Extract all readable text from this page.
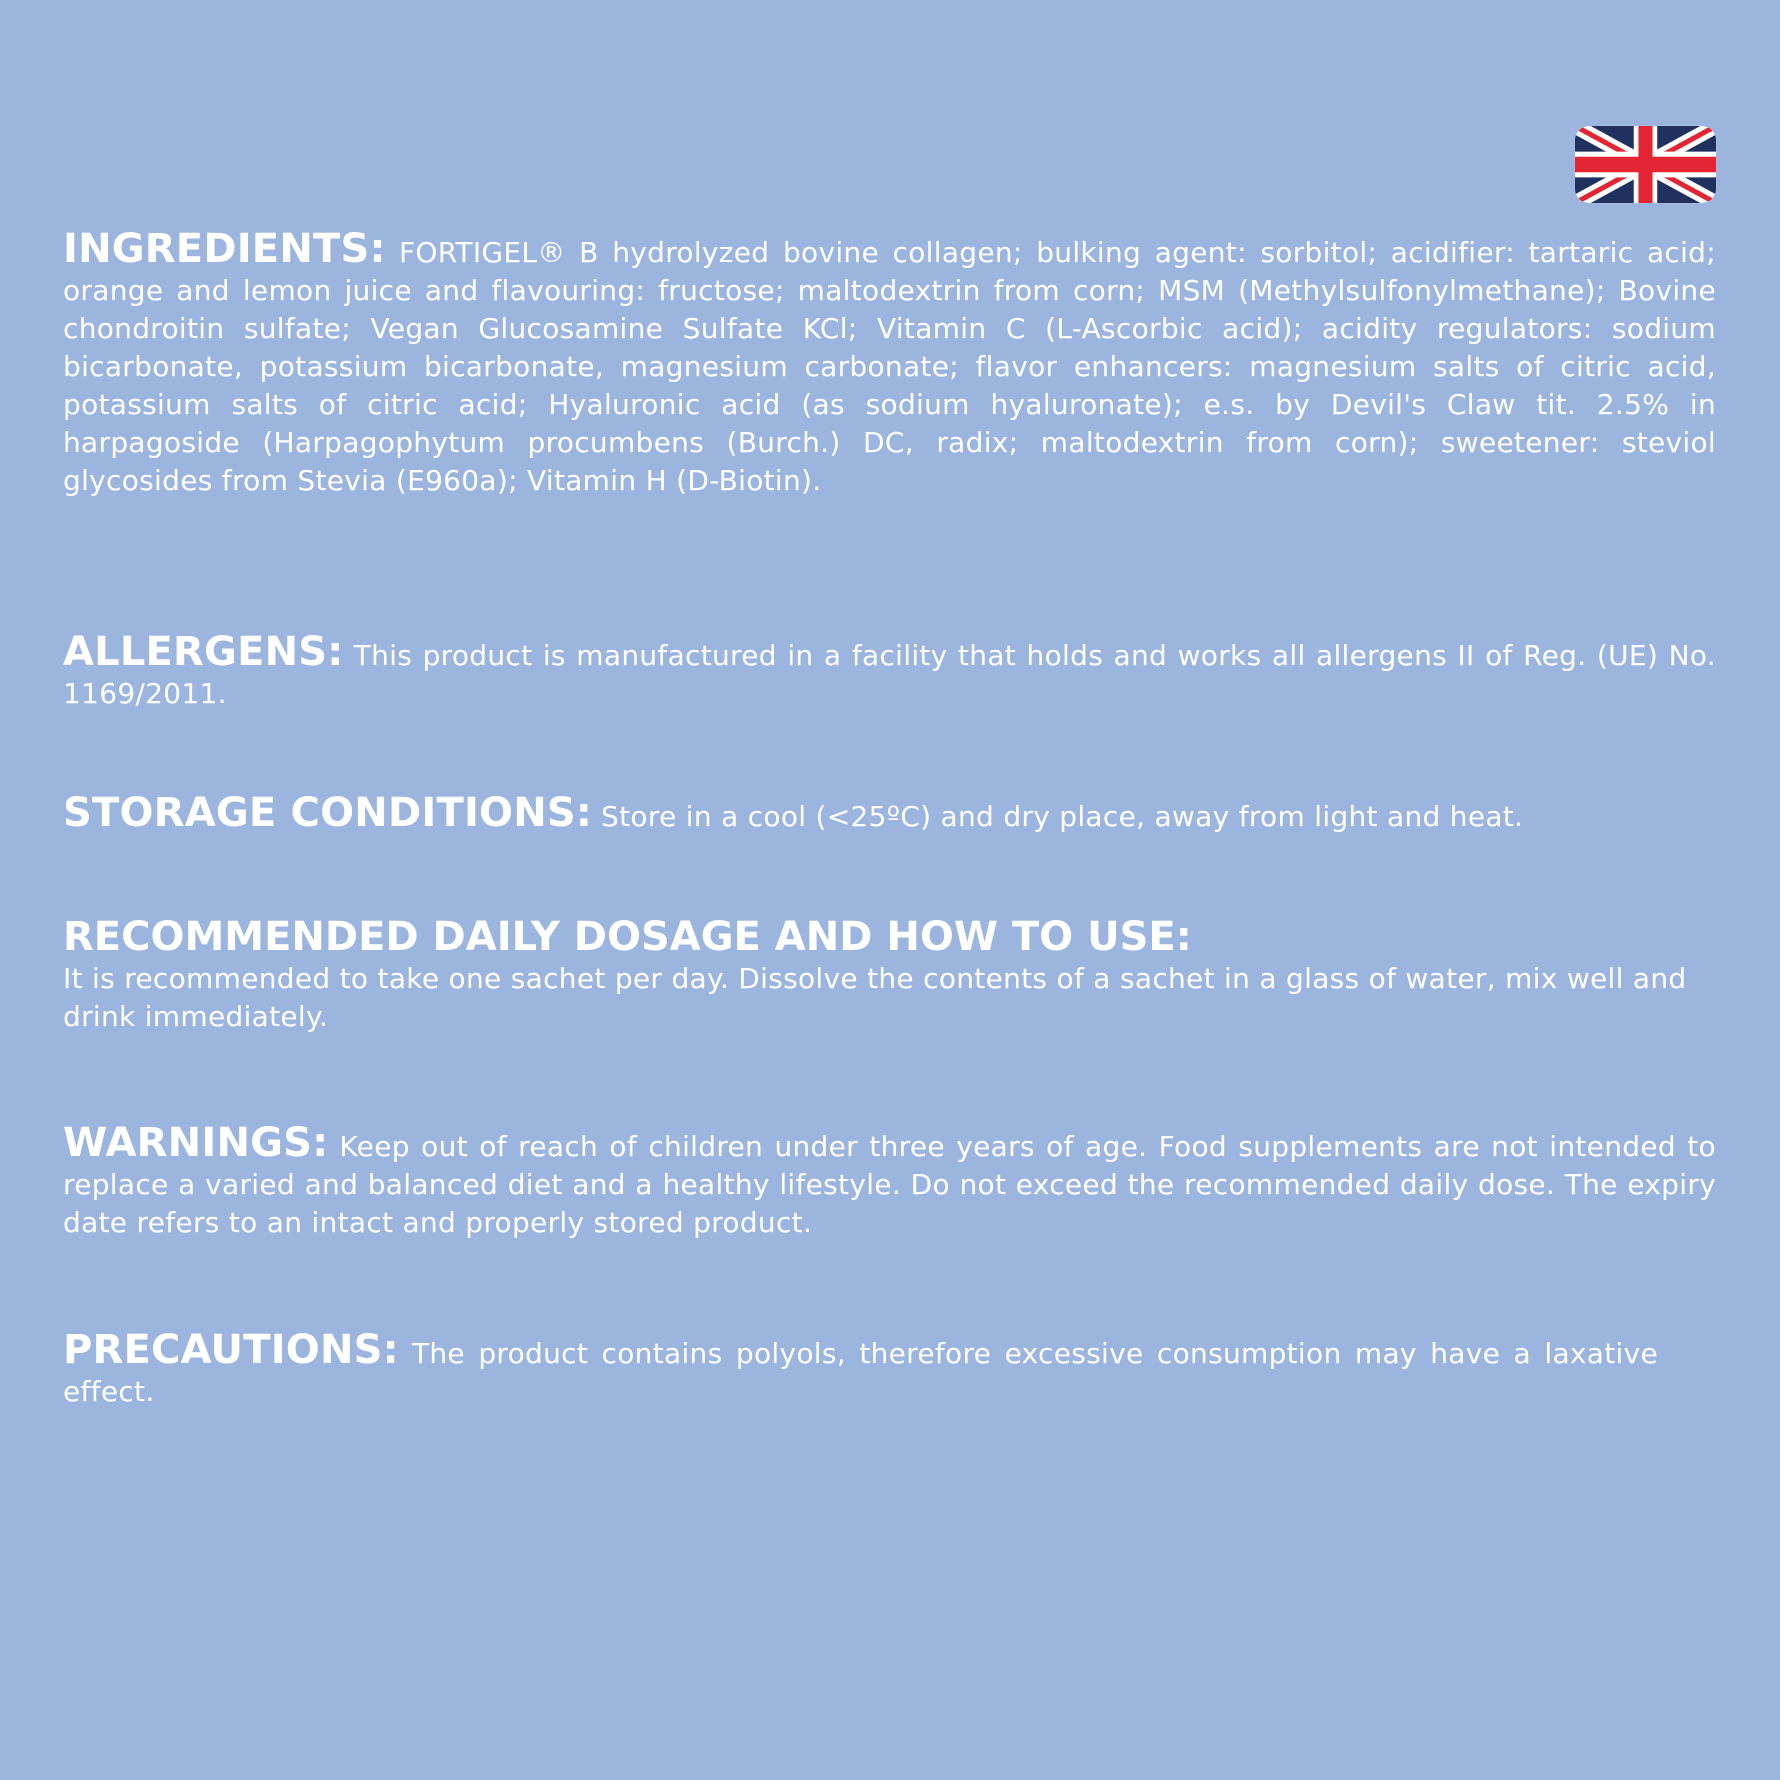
INGREDIENTS: FORTIGEL® B hydrolyzed bovine collagen; bulking agent: sorbitol; acidifier: tartaric acid; orange and lemon juice and flavouring: fructose; maltodextrin from corn; MSM (Methylsulfonylmethane); Bovine chondroitin sulfate; Vegan Glucosamine Sulfate KCl; Vitamin C (L-Ascorbic acid); acidity regulators: sodium bicarbonate, potassium bicarbonate, magnesium carbonate; flavor enhancers: magnesium salts of citric acid, potassium salts of citric acid; Hyaluronic acid (as sodium hyaluronate); e.s. by Devil's Claw tit. 2.5% in harpagoside (Harpagophytum procumbens (Burch.) DC, radix; maltodextrin from corn); sweetener: steviol glycosides from Stevia (E960a); Vitamin H (D-Biotin).
ALLERGENS: This product is manufactured in a facility that holds and works all allergens II of Reg. (UE) No. 1169/2011.
STORAGE CONDITIONS: Store in a cool (<25ºC) and dry place, away from light and heat.
RECOMMENDED DAILY DOSAGE AND HOW TO USE:
It is recommended to take one sachet per day. Dissolve the contents of a sachet in a glass of water, mix well and drink immediately.
WARNINGS: Keep out of reach of children under three years of age. Food supplements are not intended to replace a varied and balanced diet and a healthy lifestyle. Do not exceed the recommended daily dose. The expiry date refers to an intact and properly stored product.
PRECAUTIONS: The product contains polyols, therefore excessive consumption may have a laxative effect.
